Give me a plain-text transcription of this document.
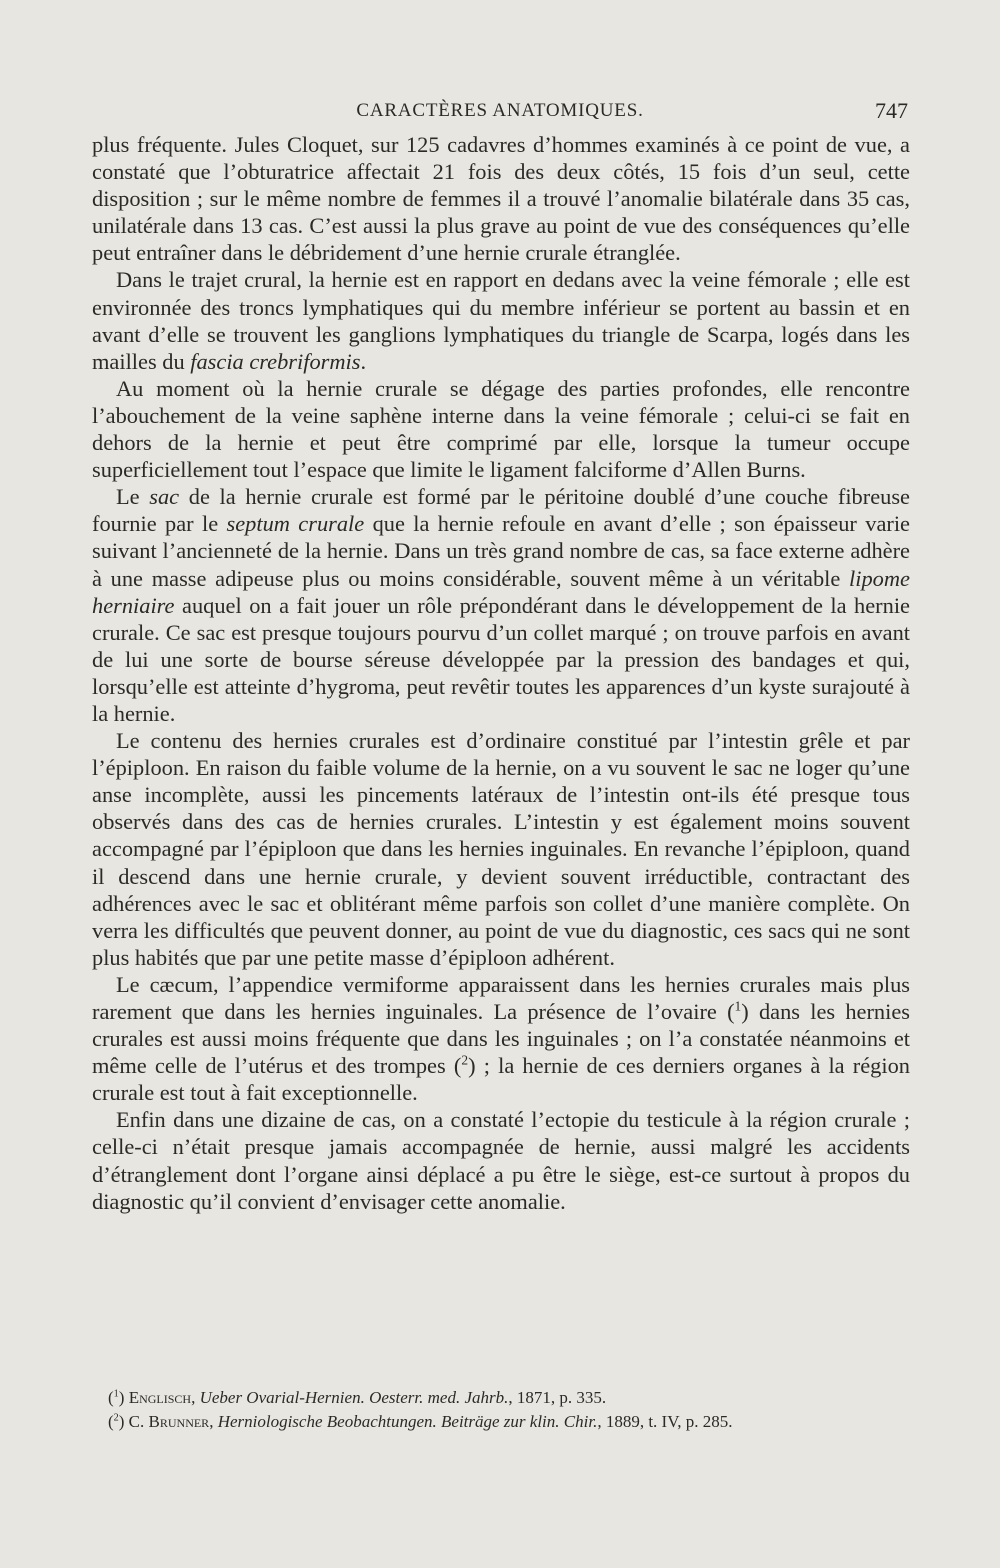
CARACTÈRES ANATOMIQUES.	747

plus fréquente. Jules Cloquet, sur 125 cadavres d’hommes examinés à ce point de vue, a constaté que l’obturatrice affectait 21 fois des deux côtés, 15 fois d’un seul, cette disposition ; sur le même nombre de femmes il a trouvé l’anomalie bilatérale dans 35 cas, unilatérale dans 13 cas. C’est aussi la plus grave au point de vue des conséquences qu’elle peut entraîner dans le débridement d’une hernie crurale étranglée.

Dans le trajet crural, la hernie est en rapport en dedans avec la veine fémorale ; elle est environnée des troncs lymphatiques qui du membre inférieur se portent au bassin et en avant d’elle se trouvent les ganglions lymphatiques du triangle de Scarpa, logés dans les mailles du fascia crebriformis.

Au moment où la hernie crurale se dégage des parties profondes, elle rencontre l’abouchement de la veine saphène interne dans la veine fémorale ; celui-ci se fait en dehors de la hernie et peut être comprimé par elle, lorsque la tumeur occupe superficiellement tout l’espace que limite le ligament falciforme d’Allen Burns.

Le sac de la hernie crurale est formé par le péritoine doublé d’une couche fibreuse fournie par le septum crurale que la hernie refoule en avant d’elle ; son épaisseur varie suivant l’ancienneté de la hernie. Dans un très grand nombre de cas, sa face externe adhère à une masse adipeuse plus ou moins considérable, souvent même à un véritable lipome herniaire auquel on a fait jouer un rôle prépondérant dans le développement de la hernie crurale. Ce sac est presque toujours pourvu d’un collet marqué ; on trouve parfois en avant de lui une sorte de bourse séreuse développée par la pression des bandages et qui, lorsqu’elle est atteinte d’hygroma, peut revêtir toutes les apparences d’un kyste surajouté à la hernie.

Le contenu des hernies crurales est d’ordinaire constitué par l’intestin grêle et par l’épiploon. En raison du faible volume de la hernie, on a vu souvent le sac ne loger qu’une anse incomplète, aussi les pincements latéraux de l’intestin ont-ils été presque tous observés dans des cas de hernies crurales. L’intestin y est également moins souvent accompagné par l’épiploon que dans les hernies inguinales. En revanche l’épiploon, quand il descend dans une hernie crurale, y devient souvent irréductible, contractant des adhérences avec le sac et oblitérant même parfois son collet d’une manière complète. On verra les difficultés que peuvent donner, au point de vue du diagnostic, ces sacs qui ne sont plus habités que par une petite masse d’épiploon adhérent.

Le cæcum, l’appendice vermiforme apparaissent dans les hernies crurales mais plus rarement que dans les hernies inguinales. La présence de l’ovaire ($^1$) dans les hernies crurales est aussi moins fréquente que dans les inguinales ; on l’a constatée néanmoins et même celle de l’utérus et des trompes ($^2$) ; la hernie de ces derniers organes à la région crurale est tout à fait exceptionnelle.

Enfin dans une dizaine de cas, on a constaté l’ectopie du testicule à la région crurale ; celle-ci n’était presque jamais accompagnée de hernie, aussi malgré les accidents d’étranglement dont l’organe ainsi déplacé a pu être le siège, est-ce surtout à propos du diagnostic qu’il convient d’envisager cette anomalie.

($^1$) Englisch, Ueber Ovarial-Hernien. Oesterr. med. Jahrb., 1871, p. 335.
($^2$) C. Brunner, Herniologische Beobachtungen. Beiträge zur klin. Chir., 1889, t. IV, p. 285.
